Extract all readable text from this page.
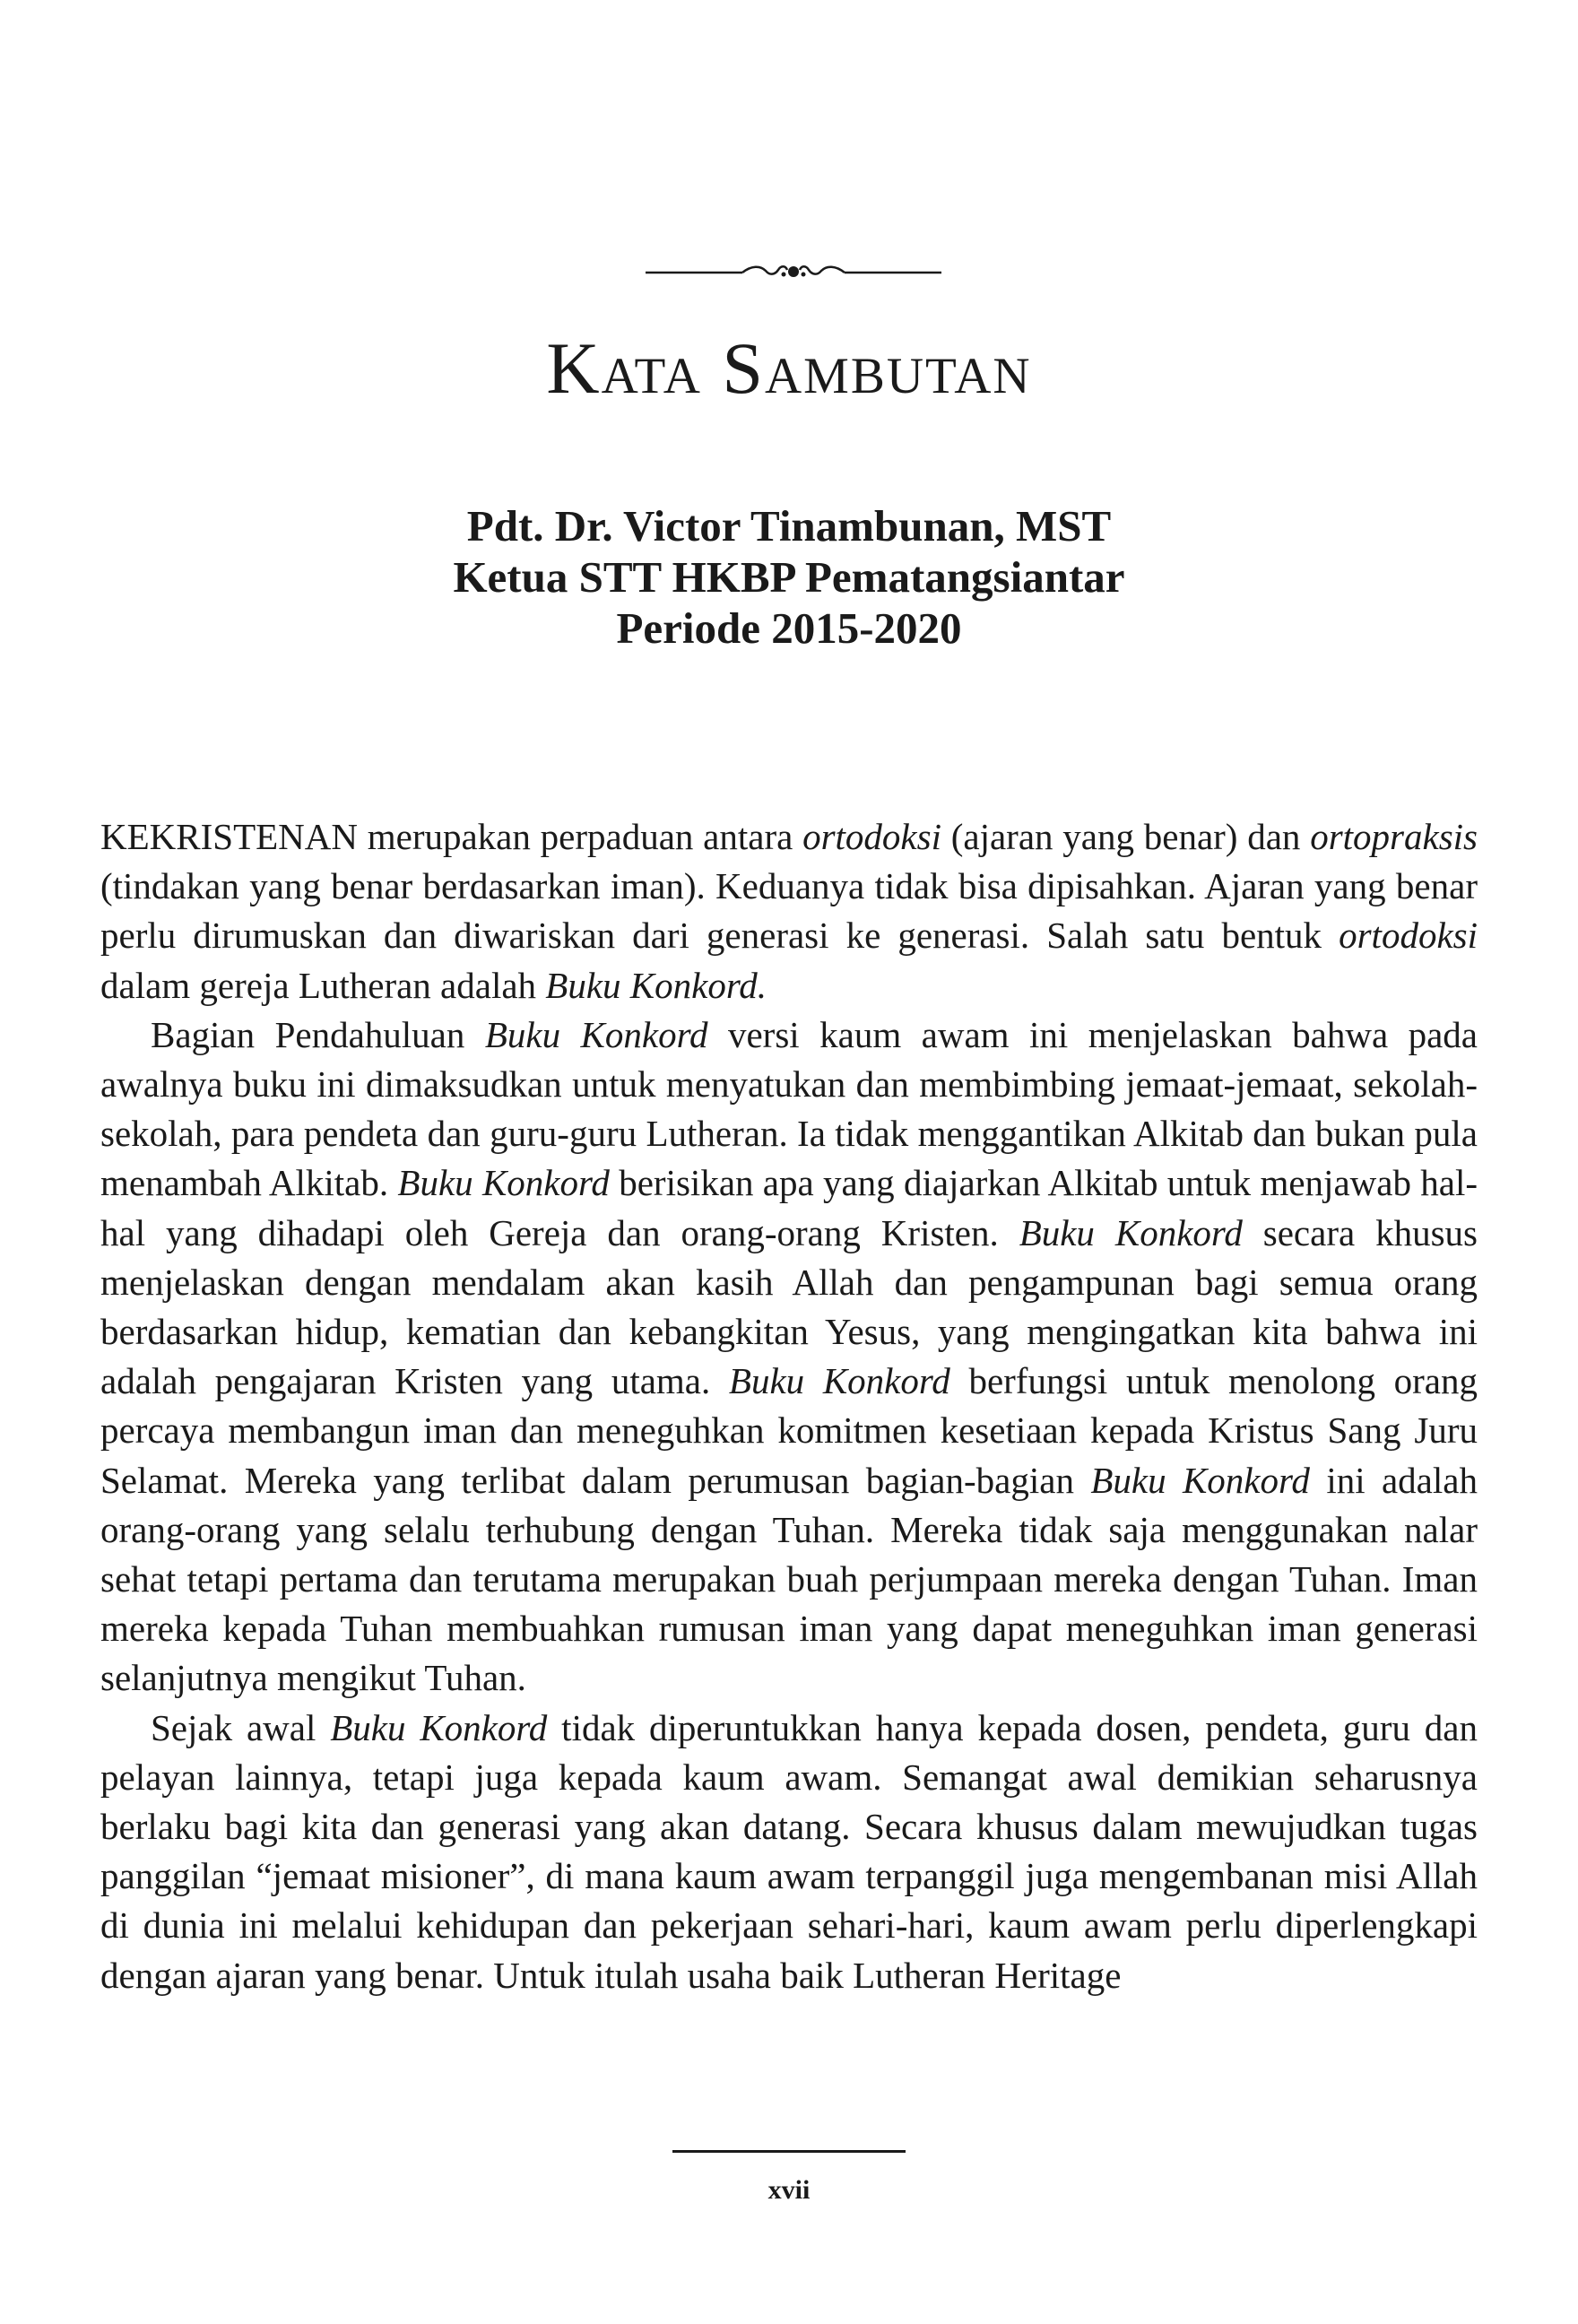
Kata Sambutan
Pdt. Dr. Victor Tinambunan, MST
Ketua STT HKBP Pematangsiantar
Periode 2015-2020

KEKRISTENAN merupakan perpaduan antara ortodoksi (ajaran yang benar) dan ortopraksis (tindakan yang benar berdasarkan iman). Keduanya tidak bisa dipisahkan. Ajaran yang benar perlu dirumuskan dan diwariskan dari generasi ke generasi. Salah satu bentuk ortodoksi dalam gereja Lutheran adalah Buku Konkord.

Bagian Pendahuluan Buku Konkord versi kaum awam ini menjelaskan bahwa pada awalnya buku ini dimaksudkan untuk menyatukan dan membimbing jemaat-jemaat, sekolah-sekolah, para pendeta dan guru-guru Lutheran. Ia tidak menggantikan Alkitab dan bukan pula menambah Alkitab. Buku Konkord berisikan apa yang diajarkan Alkitab untuk menjawab hal-hal yang dihadapi oleh Gereja dan orang-orang Kristen. Buku Konkord secara khusus menjelaskan dengan mendalam akan kasih Allah dan pengampunan bagi semua orang berdasarkan hidup, kematian dan kebangkitan Yesus, yang mengingatkan kita bahwa ini adalah pengajaran Kristen yang utama. Buku Konkord berfungsi untuk menolong orang percaya membangun iman dan meneguhkan komitmen kesetiaan kepada Kristus Sang Juru Selamat. Mereka yang terlibat dalam perumusan bagian-bagian Buku Konkord ini adalah orang-orang yang selalu terhubung dengan Tuhan. Mereka tidak saja menggunakan nalar sehat tetapi pertama dan terutama merupakan buah perjumpaan mereka dengan Tuhan. Iman mereka kepada Tuhan membuahkan rumusan iman yang dapat meneguhkan iman generasi selanjutnya mengikut Tuhan.

Sejak awal Buku Konkord tidak diperuntukkan hanya kepada dosen, pendeta, guru dan pelayan lainnya, tetapi juga kepada kaum awam. Semangat awal demikian seharusnya berlaku bagi kita dan generasi yang akan datang. Secara khusus dalam mewujudkan tugas panggilan “jemaat misioner”, di mana kaum awam terpanggil juga mengembanan misi Allah di dunia ini melalui kehidupan dan pekerjaan sehari-hari, kaum awam perlu diperlengkapi dengan ajaran yang benar. Untuk itulah usaha baik Lutheran Heritage

xvii
